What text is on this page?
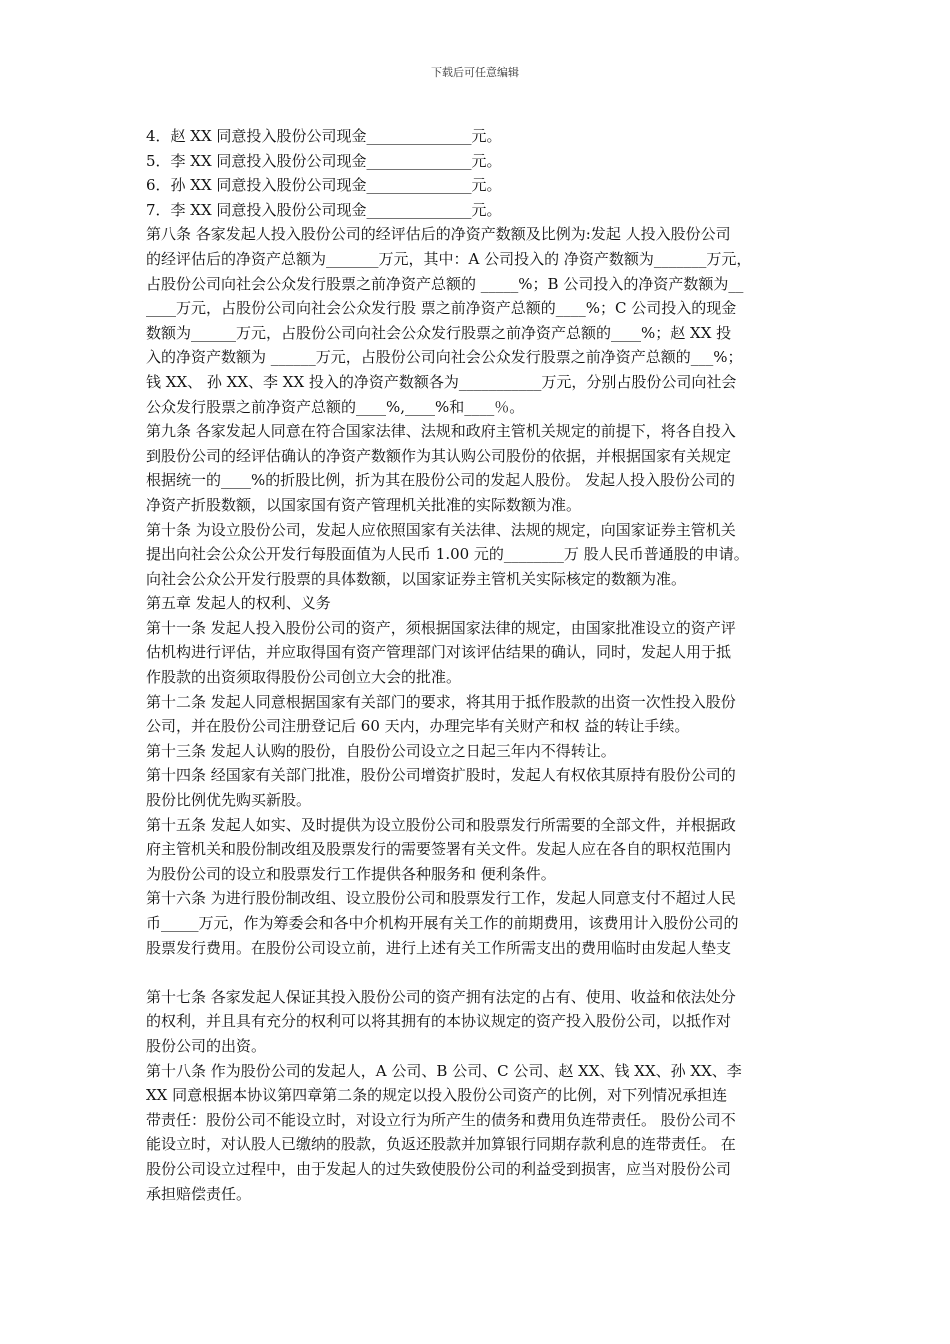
下载后可任意编辑
4．赵 XX 同意投入股份公司现金______________元。
5．李 XX 同意投入股份公司现金______________元。
6．孙 XX 同意投入股份公司现金______________元。
7．李 XX 同意投入股份公司现金______________元。
第八条 各家发起人投入股份公司的经评估后的净资产数额及比例为:发起 人投入股份公司
的经评估后的净资产总额为_______万元，其中：A 公司投入的 净资产数额为_______万元，
占股份公司向社会公众发行股票之前净资产总额的 _____%；B 公司投入的净资产数额为__
____万元，占股份公司向社会公众发行股 票之前净资产总额的____%；C 公司投入的现金
数额为______万元，占股份公司向社会公众发行股票之前净资产总额的____%；赵 XX 投
入的净资产数额为 ______万元，占股份公司向社会公众发行股票之前净资产总额的___%；
钱 XX、 孙 XX、李 XX 投入的净资产数额各为___________万元，分别占股份公司向社会
公众发行股票之前净资产总额的____%,____%和____％。
第九条 各家发起人同意在符合国家法律、法规和政府主管机关规定的前提下，将各自投入
到股份公司的经评估确认的净资产数额作为其认购公司股份的依据，并根据国家有关规定
根据统一的____%的折股比例，折为其在股份公司的发起人股份。 发起人投入股份公司的
净资产折股数额，以国家国有资产管理机关批准的实际数额为准。
第十条 为设立股份公司，发起人应依照国家有关法律、法规的规定，向国家证券主管机关
提出向社会公众公开发行每股面值为人民币 1.00 元的________万 股人民币普通股的申请。
向社会公众公开发行股票的具体数额，以国家证券主管机关实际核定的数额为准。
第五章 发起人的权利、义务
第十一条 发起人投入股份公司的资产，须根据国家法律的规定，由国家批准设立的资产评
估机构进行评估，并应取得国有资产管理部门对该评估结果的确认，同时，发起人用于抵
作股款的出资须取得股份公司创立大会的批准。
第十二条 发起人同意根据国家有关部门的要求，将其用于抵作股款的出资一次性投入股份
公司，并在股份公司注册登记后 60 天内，办理完毕有关财产和权 益的转让手续。
第十三条 发起人认购的股份，自股份公司设立之日起三年内不得转让。
第十四条 经国家有关部门批准，股份公司增资扩股时，发起人有权依其原持有股份公司的
股份比例优先购买新股。
第十五条 发起人如实、及时提供为设立股份公司和股票发行所需要的全部文件，并根据政
府主管机关和股份制改组及股票发行的需要签署有关文件。发起人应在各自的职权范围内
为股份公司的设立和股票发行工作提供各种服务和 便利条件。
第十六条 为进行股份制改组、设立股份公司和股票发行工作，发起人同意支付不超过人民
币_____万元，作为筹委会和各中介机构开展有关工作的前期费用，该费用计入股份公司的
股票发行费用。在股份公司设立前，进行上述有关工作所需支出的费用临时由发起人垫支
第十七条 各家发起人保证其投入股份公司的资产拥有法定的占有、使用、收益和依法处分
的权利，并且具有充分的权利可以将其拥有的本协议规定的资产投入股份公司，以抵作对
股份公司的出资。
第十八条 作为股份公司的发起人，A 公司、B 公司、C 公司、赵 XX、钱 XX、孙 XX、李
XX 同意根据本协议第四章第二条的规定以投入股份公司资产的比例，对下列情况承担连
带责任：股份公司不能设立时，对设立行为所产生的债务和费用负连带责任。 股份公司不
能设立时，对认股人已缴纳的股款，负返还股款并加算银行同期存款利息的连带责任。 在
股份公司设立过程中，由于发起人的过失致使股份公司的利益受到损害，应当对股份公司
承担赔偿责任。
